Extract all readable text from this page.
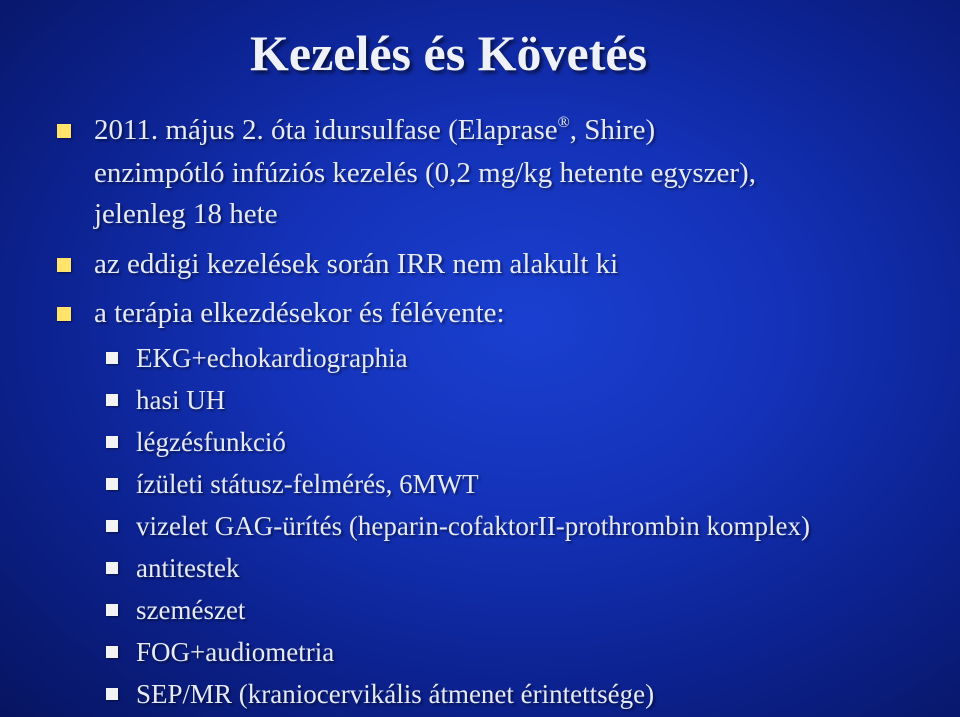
Kezelés és Követés
2011. május 2. óta idursulfase (Elaprase®, Shire)
enzimpótló infúziós kezelés (0,2 mg/kg hetente egyszer),
jelenleg 18 hete
az eddigi kezelések során IRR nem alakult ki
a terápia elkezdésekor és félévente:
EKG+echokardiographia
hasi UH
légzésfunkció
ízületi státusz-felmérés, 6MWT
vizelet GAG-ürítés (heparin-cofaktorII-prothrombin komplex)
antitestek
szemészet
FOG+audiometria
SEP/MR (kraniocervikális átmenet érintettsége)
